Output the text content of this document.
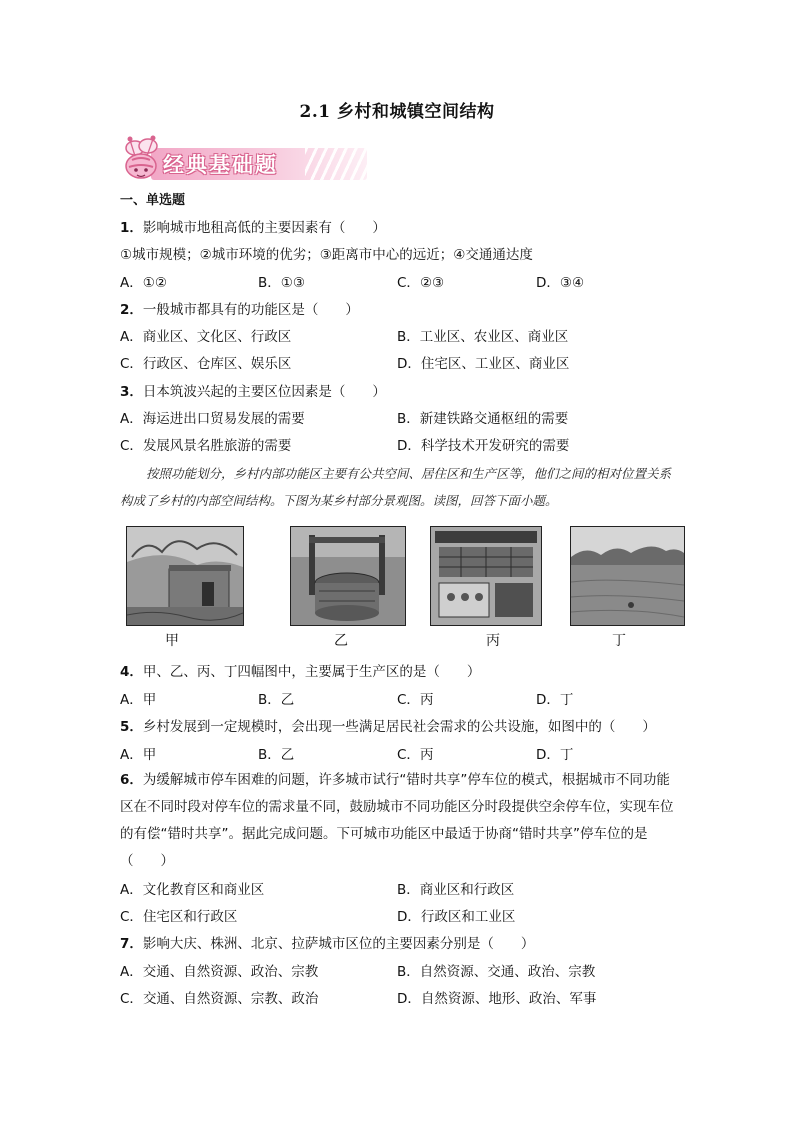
2.1 乡村和城镇空间结构
经典基础题
一、单选题
1．影响城市地租高低的主要因素有（　　）
①城市规模；②城市环境的优劣；③距离市中心的远近；④交通通达度
A．①②	B．①③	C．②③	D．③④
2．一般城市都具有的功能区是（　　）
A．商业区、文化区、行政区	B．工业区、农业区、商业区
C．行政区、仓库区、娱乐区	D．住宅区、工业区、商业区
3．日本筑波兴起的主要区位因素是（　　）
A．海运进出口贸易发展的需要	B．新建铁路交通枢纽的需要
C．发展风景名胜旅游的需要	D．科学技术开发研究的需要
按照功能划分，乡村内部功能区主要有公共空间、居住区和生产区等，他们之间的相对位置关系构成了乡村的内部空间结构。下图为某乡村部分景观图。读图，回答下面小题。
甲	乙	丙	丁
4．甲、乙、丙、丁四幅图中，主要属于生产区的是（　　）
A．甲	B．乙	C．丙	D．丁
5．乡村发展到一定规模时，会出现一些满足居民社会需求的公共设施，如图中的（　　）
A．甲	B．乙	C．丙	D．丁
6．为缓解城市停车困难的问题，许多城市试行“错时共享”停车位的模式，根据城市不同功能区在不同时段对停车位的需求量不同，鼓励城市不同功能区分时段提供空余停车位，实现车位的有偿“错时共享”。据此完成问题。下可城市功能区中最适于协商“错时共享”停车位的是（　　）
A．文化教育区和商业区	B．商业区和行政区
C．住宅区和行政区	D．行政区和工业区
7．影响大庆、株洲、北京、拉萨城市区位的主要因素分别是（　　）
A．交通、自然资源、政治、宗教	B．自然资源、交通、政治、宗教
C．交通、自然资源、宗教、政治	D．自然资源、地形、政治、军事
